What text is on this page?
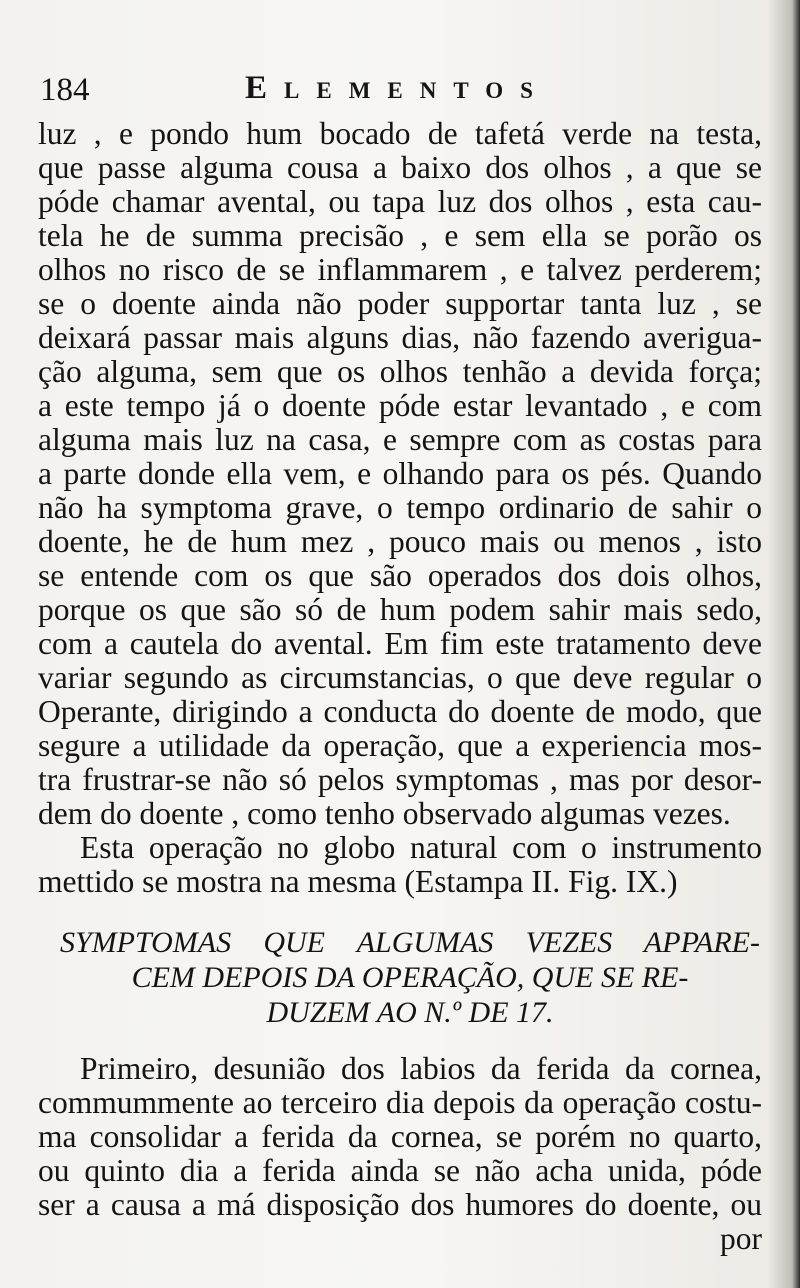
184	Elementos
luz , e pondo hum bocado de tafetá verde na testa,
que passe alguma cousa a baixo dos olhos , a que se
póde chamar avental, ou tapa luz dos olhos , esta cau-
tela he de summa precisão , e sem ella se porão os
olhos no risco de se inflammarem , e talvez perderem;
se o doente ainda não poder supportar tanta luz , se
deixará passar mais alguns dias, não fazendo averigua-
ção alguma, sem que os olhos tenhão a devida força;
a este tempo já o doente póde estar levantado , e com
alguma mais luz na casa, e sempre com as costas para
a parte donde ella vem, e olhando para os pés. Quando
não ha symptoma grave, o tempo ordinario de sahir o
doente, he de hum mez , pouco mais ou menos , isto
se entende com os que são operados dos dois olhos,
porque os que são só de hum podem sahir mais sedo,
com a cautela do avental. Em fim este tratamento deve
variar segundo as circumstancias, o que deve regular o
Operante, dirigindo a conducta do doente de modo, que
segure a utilidade da operação, que a experiencia mos-
tra frustrar-se não só pelos symptomas , mas por desor-
dem do doente , como tenho observado algumas vezes.
Esta operação no globo natural com o instrumento
mettido se mostra na mesma (Estampa II. Fig. IX.)
SYMPTOMAS QUE ALGUMAS VEZES APPARE-
CEM DEPOIS DA OPERAÇÃO, QUE SE RE-
DUZEM AO N.º DE 17.
Primeiro, desunião dos labios da ferida da cornea,
commummente ao terceiro dia depois da operação costu-
ma consolidar a ferida da cornea, se porém no quarto,
ou quinto dia a ferida ainda se não acha unida, póde
ser a causa a má disposição dos humores do doente, ou
por
